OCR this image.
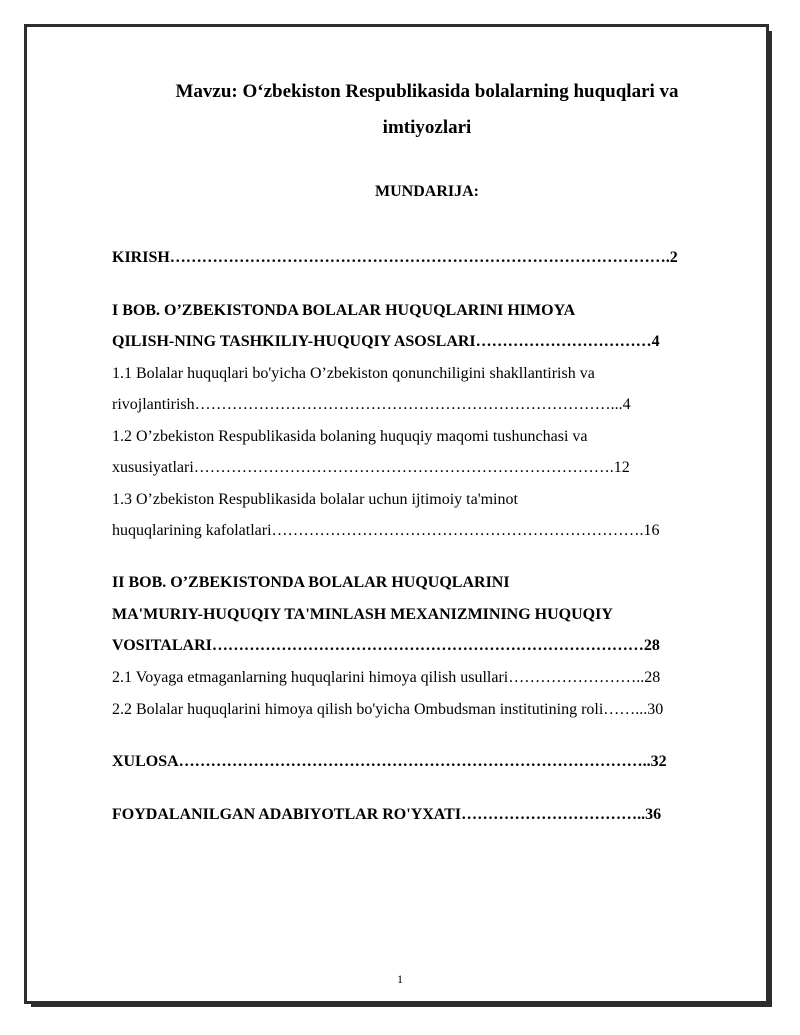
Mavzu: O‘zbekiston Respublikasida bolalarning huquqlari va
imtiyozlari
MUNDARIJA:
KIRISH………………………………………………………………………………….2
I BOB. O’ZBEKISTONDA BOLALAR HUQUQLARINI HIMOYA
QILISH-NING TASHKILIY-HUQUQIY ASOSLARI……………………………4
1.1 Bolalar huquqlari bo'yicha O’zbekiston qonunchiligini shakllantirish va
rivojlantirish……………………………………………………………………...4
1.2 O’zbekiston Respublikasida bolaning huquqiy maqomi tushunchasi va
xususiyatlari…………………………………………………………………….12
1.3 O’zbekiston Respublikasida bolalar uchun ijtimoiy ta'minot
huquqlarining kafolatlari…………………………………………………………….16
II BOB. O’ZBEKISTONDA BOLALAR HUQUQLARINI
MA'MURIY-HUQUQIY TA'MINLASH MEXANIZMINING HUQUQIY
VOSITALARI………………………………………………………………………28
2.1 Voyaga etmaganlarning huquqlarini himoya qilish usullari……………………..28
2.2 Bolalar huquqlarini himoya qilish bo'yicha Ombudsman institutining roli……...30
XULOSA……………………………………………………………………………..32
FOYDALANILGAN ADABIYOTLAR RO'YXATI……………………………..36
1
